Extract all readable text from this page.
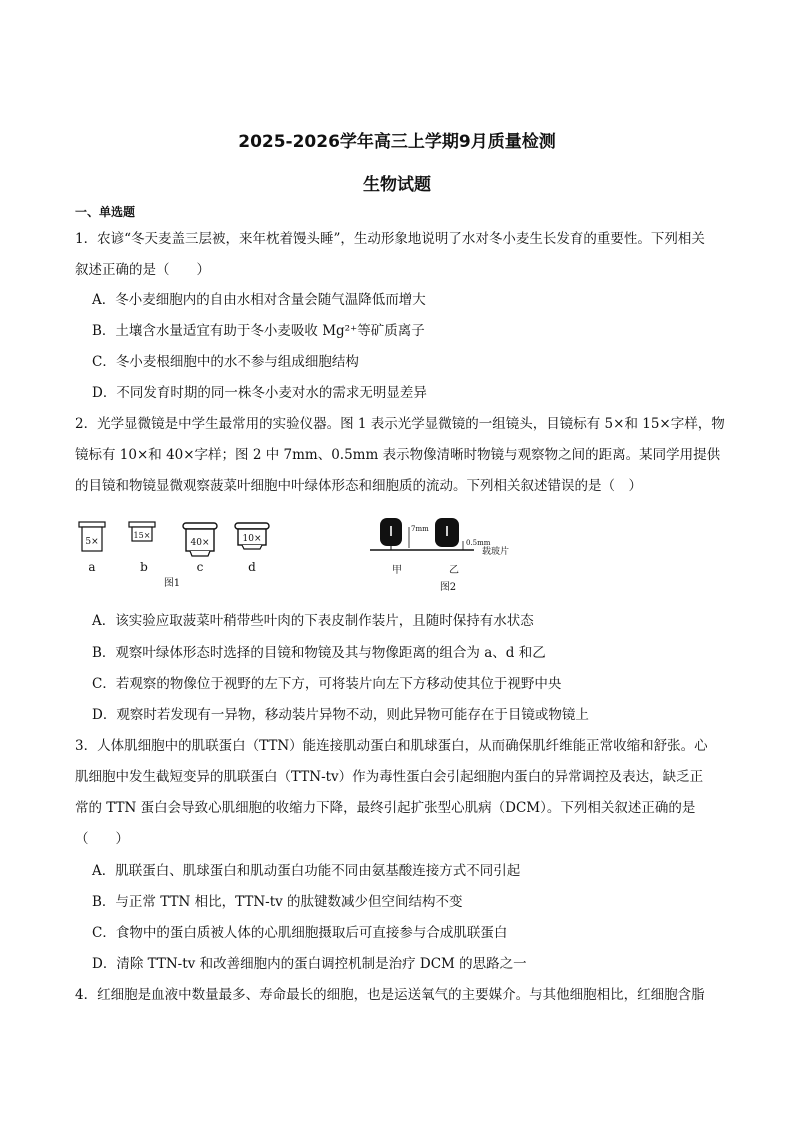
2025-2026学年高三上学期9月质量检测
生物试题
一、单选题
1．农谚“冬天麦盖三层被，来年枕着馒头睡”，生动形象地说明了水对冬小麦生长发育的重要性。下列相关
叙述正确的是（　　）
A．冬小麦细胞内的自由水相对含量会随气温降低而增大
B．土壤含水量适宜有助于冬小麦吸收 Mg²⁺等矿质离子
C．冬小麦根细胞中的水不参与组成细胞结构
D．不同发育时期的同一株冬小麦对水的需求无明显差异
2．光学显微镜是中学生最常用的实验仪器。图 1 表示光学显微镜的一组镜头，目镜标有 5×和 15×字样，物
镜标有 10×和 40×字样；图 2 中 7mm、0.5mm 表示物像清晰时物镜与观察物之间的距离。某同学用提供
的目镜和物镜显微观察菠菜叶细胞中叶绿体形态和细胞质的流动。下列相关叙述错误的是（　）
5×
15×
40×	10×
a	b	c	d
图1
7mm
0.5mm
载玻片
甲	乙
图2
A．该实验应取菠菜叶稍带些叶肉的下表皮制作装片，且随时保持有水状态
B．观察叶绿体形态时选择的目镜和物镜及其与物像距离的组合为 a、d 和乙
C．若观察的物像位于视野的左下方，可将装片向左下方移动使其位于视野中央
D．观察时若发现有一异物，移动装片异物不动，则此异物可能存在于目镜或物镜上
3．人体肌细胞中的肌联蛋白（TTN）能连接肌动蛋白和肌球蛋白，从而确保肌纤维能正常收缩和舒张。心
肌细胞中发生截短变异的肌联蛋白（TTN-tv）作为毒性蛋白会引起细胞内蛋白的异常调控及表达，缺乏正
常的 TTN 蛋白会导致心肌细胞的收缩力下降，最终引起扩张型心肌病（DCM）。下列相关叙述正确的是
（　　）
A．肌联蛋白、肌球蛋白和肌动蛋白功能不同由氨基酸连接方式不同引起
B．与正常 TTN 相比，TTN-tv 的肽键数减少但空间结构不变
C．食物中的蛋白质被人体的心肌细胞摄取后可直接参与合成肌联蛋白
D．清除 TTN-tv 和改善细胞内的蛋白调控机制是治疗 DCM 的思路之一
4．红细胞是血液中数量最多、寿命最长的细胞，也是运送氧气的主要媒介。与其他细胞相比，红细胞含脂
